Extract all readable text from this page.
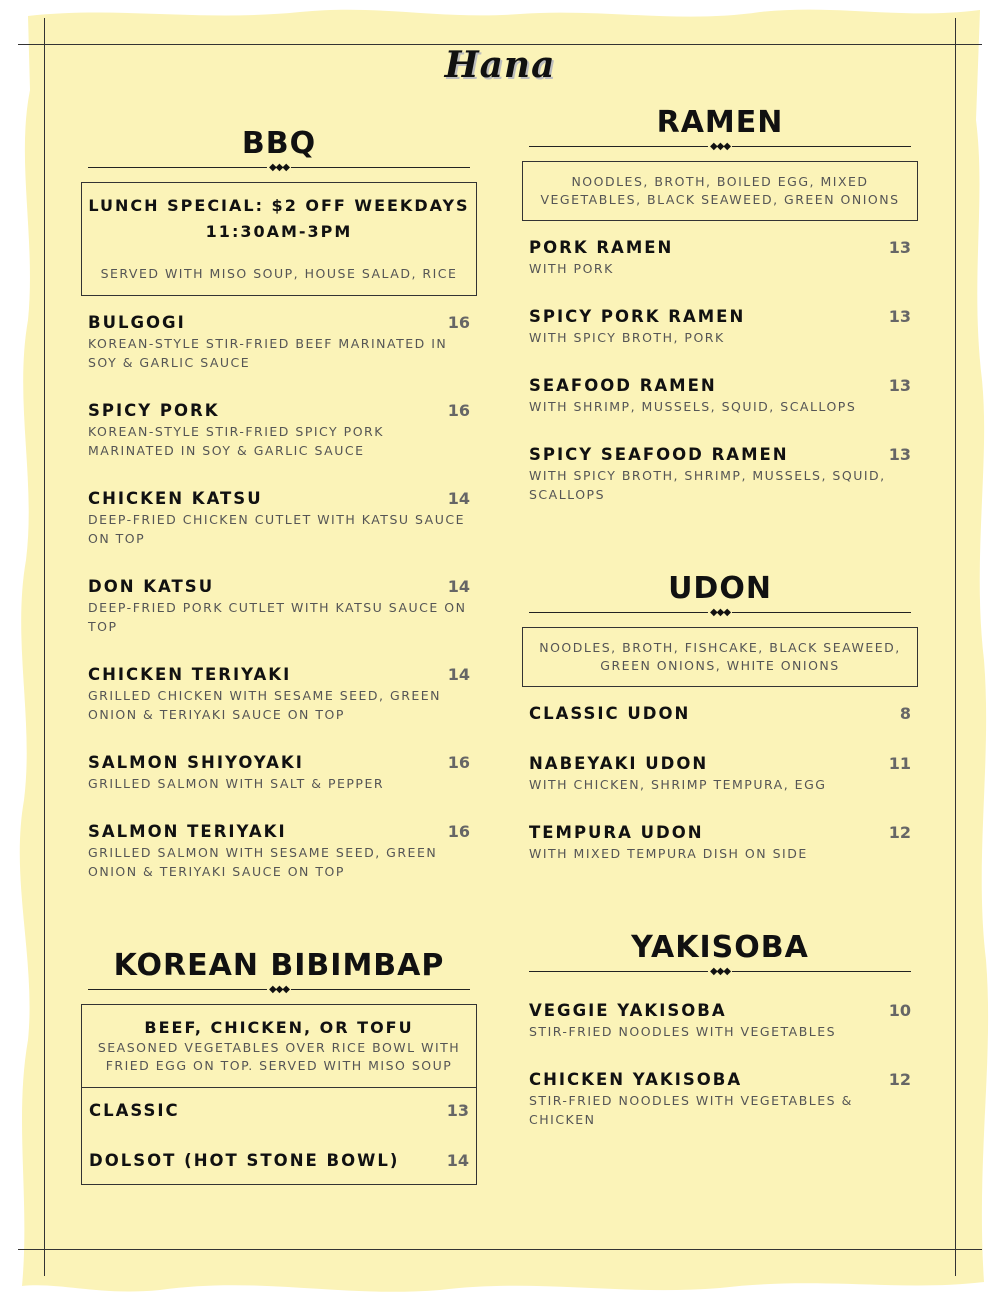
Hana
BBQ
◆◆◆
LUNCH SPECIAL: $2 OFF WEEKDAYS
11:30AM-3PM
SERVED WITH MISO SOUP, HOUSE SALAD, RICE
BULGOGI	16
KOREAN-STYLE STIR-FRIED BEEF MARINATED IN SOY & GARLIC SAUCE
SPICY PORK	16
KOREAN-STYLE STIR-FRIED SPICY PORK MARINATED IN SOY & GARLIC SAUCE
CHICKEN KATSU	14
DEEP-FRIED CHICKEN CUTLET WITH KATSU SAUCE ON TOP
DON KATSU	14
DEEP-FRIED PORK CUTLET WITH KATSU SAUCE ON TOP
CHICKEN TERIYAKI	14
GRILLED CHICKEN WITH SESAME SEED, GREEN ONION & TERIYAKI SAUCE ON TOP
SALMON SHIYOYAKI	16
GRILLED SALMON WITH SALT & PEPPER
SALMON TERIYAKI	16
GRILLED SALMON WITH SESAME SEED, GREEN ONION & TERIYAKI SAUCE ON TOP
KOREAN BIBIMBAP
◆◆◆
BEEF, CHICKEN, OR TOFU
SEASONED VEGETABLES OVER RICE BOWL WITH FRIED EGG ON TOP. SERVED WITH MISO SOUP
CLASSIC	13
DOLSOT (HOT STONE BOWL)	14
RAMEN
◆◆◆
NOODLES, BROTH, BOILED EGG, MIXED VEGETABLES, BLACK SEAWEED, GREEN ONIONS
PORK RAMEN	13
WITH PORK
SPICY PORK RAMEN	13
WITH SPICY BROTH, PORK
SEAFOOD RAMEN	13
WITH SHRIMP, MUSSELS, SQUID, SCALLOPS
SPICY SEAFOOD RAMEN	13
WITH SPICY BROTH, SHRIMP, MUSSELS, SQUID, SCALLOPS
UDON
◆◆◆
NOODLES, BROTH, FISHCAKE, BLACK SEAWEED, GREEN ONIONS, WHITE ONIONS
CLASSIC UDON	8
NABEYAKI UDON	11
WITH CHICKEN, SHRIMP TEMPURA, EGG
TEMPURA UDON	12
WITH MIXED TEMPURA DISH ON SIDE
YAKISOBA
◆◆◆
VEGGIE YAKISOBA	10
STIR-FRIED NOODLES WITH VEGETABLES
CHICKEN YAKISOBA	12
STIR-FRIED NOODLES WITH VEGETABLES & CHICKEN
